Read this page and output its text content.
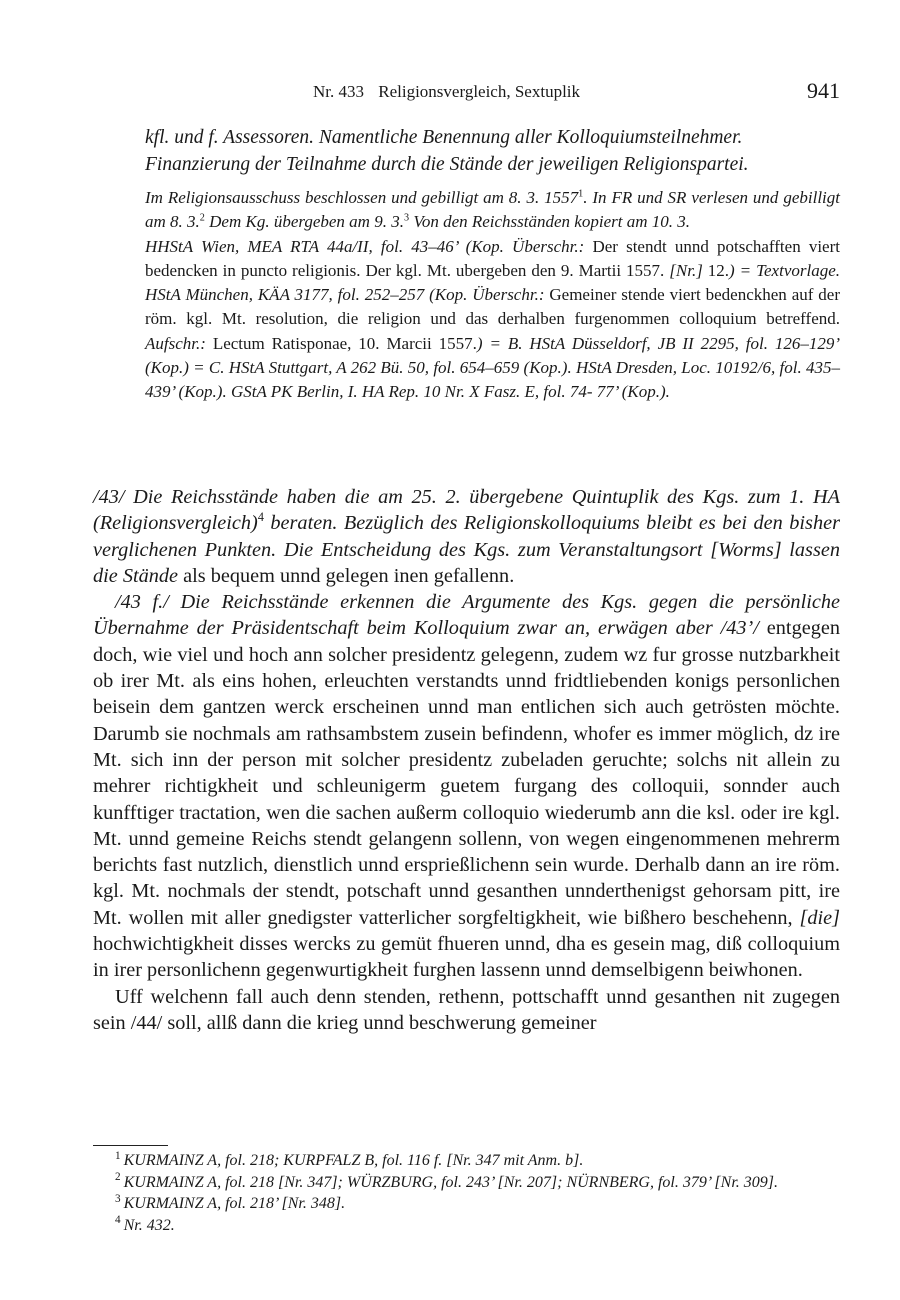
Nr. 433 Religionsvergleich, Sextuplik	941
kfl. und f. Assessoren. Namentliche Benennung aller Kolloquiumsteilnehmer.
Finanzierung der Teilnahme durch die Stände der jeweiligen Religionspartei.

Im Religionsausschuss beschlossen und gebilligt am 8. 3. 1557$^1$. In FR und SR verlesen und gebilligt am 8. 3.$^2$ Dem Kg. übergeben am 9. 3.$^3$ Von den Reichsständen kopiert am 10. 3.

HHStA Wien, MEA RTA 44a/II, fol. 43–46’ (Kop. Überschr.: Der stendt unnd potschafften viert bedencken in puncto religionis. Der kgl. Mt. ubergeben den 9. Martii 1557. [Nr.] 12.) = Textvorlage. HStA München, KÄA 3177, fol. 252–257 (Kop. Überschr.: Gemeiner stende viert bedenckhen auf der röm. kgl. Mt. resolution, die religion und das derhalben furgenommen colloquium betreffend. Aufschr.: Lectum Ratisponae, 10. Marcii 1557.) = B. HStA Düsseldorf, JB II 2295, fol. 126–129’ (Kop.) = C. HStA Stuttgart, A 262 Bü. 50, fol. 654–659 (Kop.). HStA Dresden, Loc. 10192/6, fol. 435–439’ (Kop.). GStA PK Berlin, I. HA Rep. 10 Nr. X Fasz. E, fol. 74- 77’ (Kop.).

/43/ Die Reichsstände haben die am 25. 2. übergebene Quintuplik des Kgs. zum 1. HA (Religionsvergleich)$^4$ beraten. Bezüglich des Religionskolloquiums bleibt es bei den bisher verglichenen Punkten. Die Entscheidung des Kgs. zum Veranstaltungsort [Worms] lassen die Stände als bequem unnd gelegen inen gefallenn.

/43 f./ Die Reichsstände erkennen die Argumente des Kgs. gegen die persönliche Übernahme der Präsidentschaft beim Kolloquium zwar an, erwägen aber /43’/ entgegen doch, wie viel und hoch ann solcher presidentz gelegenn, zudem wz fur grosse nutzbarkheit ob irer Mt. als eins hohen, erleuchten verstandts unnd fridtliebenden konigs personlichen beisein dem gantzen werck erscheinen unnd man entlichen sich auch getrösten möchte. Darumb sie nochmals am rathsambstem zusein befindenn, whofer es immer möglich, dz ire Mt. sich inn der person mit solcher presidentz zubeladen geruchte; solchs nit allein zu mehrer richtigkheit und schleunigerm guetem furgang des colloquii, sonnder auch kunfftiger tractation, wen die sachen außerm colloquio wiederumb ann die ksl. oder ire kgl. Mt. unnd gemeine Reichs stendt gelangenn sollenn, von wegen eingenommenen mehrerm berichts fast nutzlich, dienstlich unnd ersprießlichenn sein wurde. Derhalb dann an ire röm. kgl. Mt. nochmals der stendt, potschaft unnd gesanthen unnderthenigst gehorsam pitt, ire Mt. wollen mit aller gnedigster vatterlicher sorgfeltigkheit, wie bißhero beschehenn, [die] hochwichtigkheit disses wercks zu gemüt fhueren unnd, dha es gesein mag, diß colloquium in irer personlichenn gegenwurtigkheit furghen lassenn unnd demselbigenn beiwhonen.

Uff welchenn fall auch denn stenden, rethenn, pottschafft unnd gesanthen nit zugegen sein /44/ soll, allß dann die krieg unnd beschwerung gemeiner

$^1$ KURMAINZ A, fol. 218; KURPFALZ B, fol. 116 f. [Nr. 347 mit Anm. b].

$^2$ KURMAINZ A, fol. 218 [Nr. 347]; WÜRZBURG, fol. 243’ [Nr. 207]; NÜRNBERG, fol. 379’ [Nr. 309].

$^3$ KURMAINZ A, fol. 218’ [Nr. 348].

$^4$ Nr. 432.
